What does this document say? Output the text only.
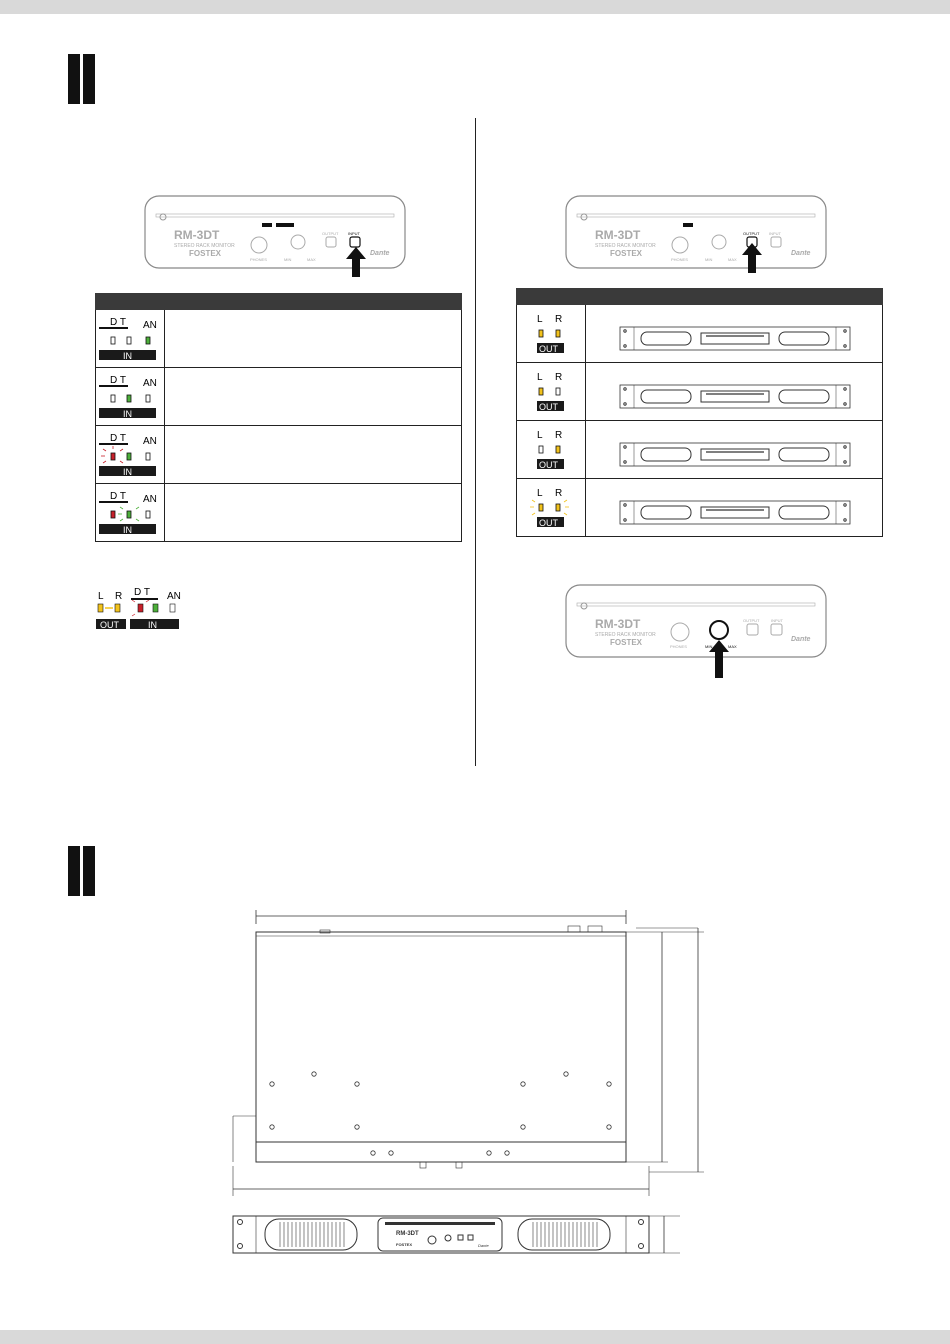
RM-3DT
STEREO RACK MONITOR
FOSTEX
PHONES	MIN	MAX
OUTPUT INPUT
Dante

D T AN
IN	

D T AN
IN	

D T AN
IN	

D T AN
IN	

L R D T AN
OUT	IN
RM-3DT
STEREO RACK MONITOR
FOSTEX
PHONES	MIN	MAX
OUTPUT INPUT
Dante

L R
OUT

L R
OUT

L R
OUT

L R
OUT

RM-3DT
STEREO RACK MONITOR
FOSTEX	PHONES	MIN	MAX
OUTPUT	INPUT
Dante
RM-3DT
FOSTEX	Dante
